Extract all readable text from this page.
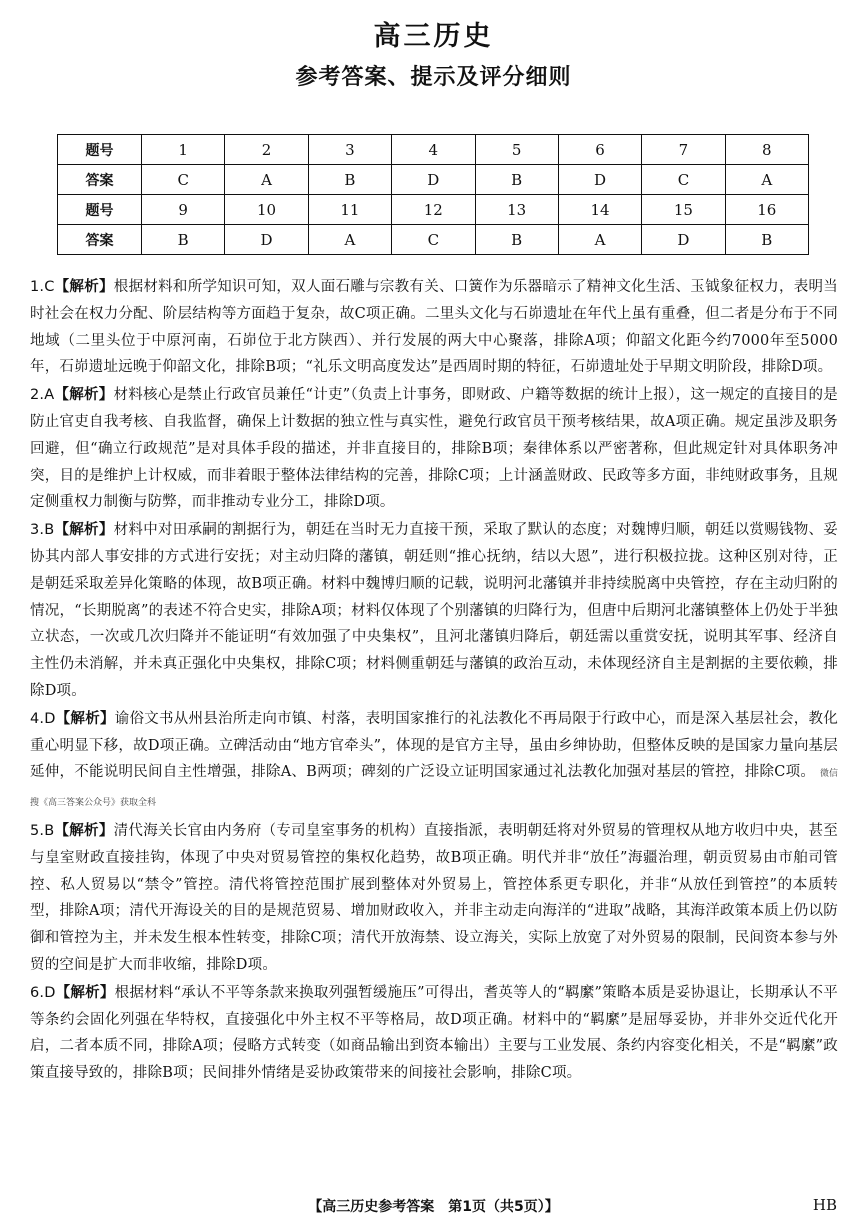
高三历史
参考答案、提示及评分细则
题号	1	2	3	4	5	6	7	8
答案	C	A	B	D	B	D	C	A
题号	9	10	11	12	13	14	15	16
答案	B	D	A	C	B	A	D	B

1.C【解析】根据材料和所学知识可知，双人面石雕与宗教有关、口簧作为乐器暗示了精神文化生活、玉钺象征权力，表明当时社会在权力分配、阶层结构等方面趋于复杂，故C项正确。二里头文化与石峁遗址在年代上虽有重叠，但二者是分布于不同地域（二里头位于中原河南，石峁位于北方陕西）、并行发展的两大中心聚落，排除A项；仰韶文化距今约7000年至5000年，石峁遗址远晚于仰韶文化，排除B项；“礼乐文明高度发达”是西周时期的特征，石峁遗址处于早期文明阶段，排除D项。

2.A【解析】材料核心是禁止行政官员兼任“计吏”（负责上计事务，即财政、户籍等数据的统计上报），这一规定的直接目的是防止官吏自我考核、自我监督，确保上计数据的独立性与真实性，避免行政官员干预考核结果，故A项正确。规定虽涉及职务回避，但“确立行政规范”是对具体手段的描述，并非直接目的，排除B项；秦律体系以严密著称，但此规定针对具体职务冲突，目的是维护上计权威，而非着眼于整体法律结构的完善，排除C项；上计涵盖财政、民政等多方面，非纯财政事务，且规定侧重权力制衡与防弊，而非推动专业分工，排除D项。

3.B【解析】材料中对田承嗣的割据行为，朝廷在当时无力直接干预，采取了默认的态度；对魏博归顺，朝廷以赏赐钱物、妥协其内部人事安排的方式进行安抚；对主动归降的藩镇，朝廷则“推心抚纳，结以大恩”，进行积极拉拢。这种区别对待，正是朝廷采取差异化策略的体现，故B项正确。材料中魏博归顺的记载，说明河北藩镇并非持续脱离中央管控，存在主动归附的情况，“长期脱离”的表述不符合史实，排除A项；材料仅体现了个别藩镇的归降行为，但唐中后期河北藩镇整体上仍处于半独立状态，一次或几次归降并不能证明“有效加强了中央集权”，且河北藩镇归降后，朝廷需以重赏安抚，说明其军事、经济自主性仍未消解，并未真正强化中央集权，排除C项；材料侧重朝廷与藩镇的政治互动，未体现经济自主是割据的主要依赖，排除D项。

4.D【解析】谕俗文书从州县治所走向市镇、村落，表明国家推行的礼法教化不再局限于行政中心，而是深入基层社会，教化重心明显下移，故D项正确。立碑活动由“地方官牵头”，体现的是官方主导，虽由乡绅协助，但整体反映的是国家力量向基层延伸，不能说明民间自主性增强，排除A、B两项；碑刻的广泛设立证明国家通过礼法教化加强对基层的管控，排除C项。 微信搜《高三答案公众号》获取全科

5.B【解析】清代海关长官由内务府（专司皇室事务的机构）直接指派，表明朝廷将对外贸易的管理权从地方收归中央，甚至与皇室财政直接挂钩，体现了中央对贸易管控的集权化趋势，故B项正确。明代并非“放任”海疆治理，朝贡贸易由市舶司管控、私人贸易以“禁令”管控。清代将管控范围扩展到整体对外贸易上，管控体系更专职化，并非“从放任到管控”的本质转型，排除A项；清代开海设关的目的是规范贸易、增加财政收入，并非主动走向海洋的“进取”战略，其海洋政策本质上仍以防御和管控为主，并未发生根本性转变，排除C项；清代开放海禁、设立海关，实际上放宽了对外贸易的限制，民间资本参与外贸的空间是扩大而非收缩，排除D项。

6.D【解析】根据材料“承认不平等条款来换取列强暂缓施压”可得出，耆英等人的“羁縻”策略本质是妥协退让，长期承认不平等条约会固化列强在华特权，直接强化中外主权不平等格局，故D项正确。材料中的“羁縻”是屈辱妥协，并非外交近代化开启，二者本质不同，排除A项；侵略方式转变（如商品输出到资本输出）主要与工业发展、条约内容变化相关，不是“羁縻”政策直接导致的，排除B项；民间排外情绪是妥协政策带来的间接社会影响，排除C项。

【高三历史参考答案　第1页（共5页）】	HB
